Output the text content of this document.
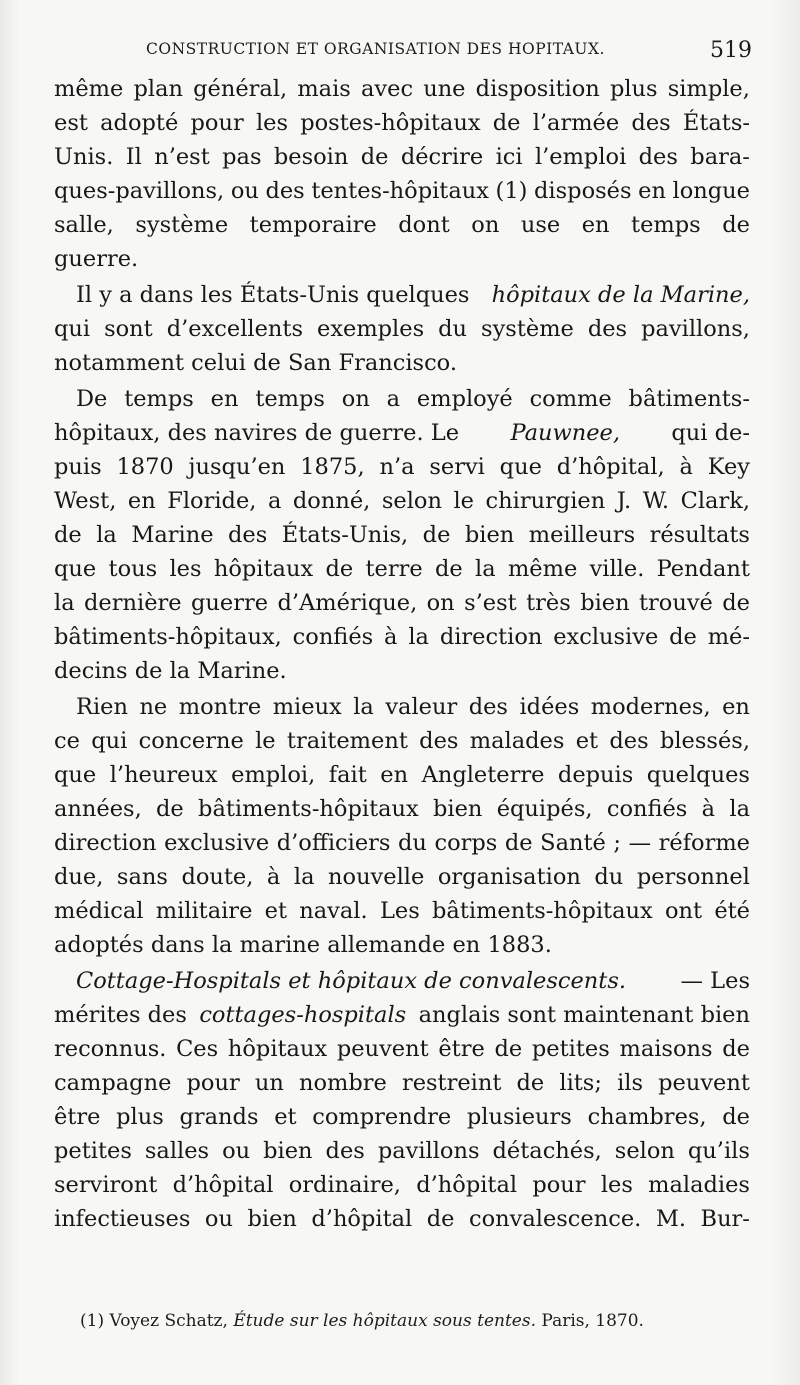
CONSTRUCTION ET ORGANISATION DES HOPITAUX.	519
même plan général, mais avec une disposition plus simple,
est adopté pour les postes-hôpitaux de l’armée des États-
Unis. Il n’est pas besoin de décrire ici l’emploi des bara-
ques-pavillons, ou des tentes-hôpitaux (1) disposés en longue
salle, système temporaire dont on use en temps de
guerre.
Il y a dans les États-Unis quelques hôpitaux de la Marine,
qui sont d’excellents exemples du système des pavillons,
notamment celui de San Francisco.
De temps en temps on a employé comme bâtiments-
hôpitaux, des navires de guerre. Le Pauwnee, qui de-
puis 1870 jusqu’en 1875, n’a servi que d’hôpital, à Key
West, en Floride, a donné, selon le chirurgien J. W. Clark,
de la Marine des États-Unis, de bien meilleurs résultats
que tous les hôpitaux de terre de la même ville. Pendant
la dernière guerre d’Amérique, on s’est très bien trouvé de
bâtiments-hôpitaux, confiés à la direction exclusive de mé-
decins de la Marine.
Rien ne montre mieux la valeur des idées modernes, en
ce qui concerne le traitement des malades et des blessés,
que l’heureux emploi, fait en Angleterre depuis quelques
années, de bâtiments-hôpitaux bien équipés, confiés à la
direction exclusive d’officiers du corps de Santé ; — réforme
due, sans doute, à la nouvelle organisation du personnel
médical militaire et naval. Les bâtiments-hôpitaux ont été
adoptés dans la marine allemande en 1883.
Cottage-Hospitals et hôpitaux de convalescents. — Les
mérites des cottages-hospitals anglais sont maintenant bien
reconnus. Ces hôpitaux peuvent être de petites maisons de
campagne pour un nombre restreint de lits; ils peuvent
être plus grands et comprendre plusieurs chambres, de
petites salles ou bien des pavillons détachés, selon qu’ils
serviront d’hôpital ordinaire, d’hôpital pour les maladies
infectieuses ou bien d’hôpital de convalescence. M. Bur-
(1) Voyez Schatz, Étude sur les hôpitaux sous tentes. Paris, 1870.
